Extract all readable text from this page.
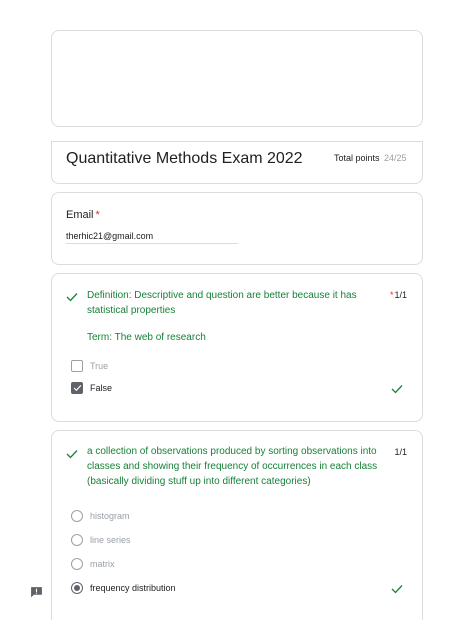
Quantitative Methods Exam 2022	Total points 24/25
Email *
therhic21@gmail.com
Definition: Descriptive and question are better because it has statistical properties
*1/1
Term: The web of research
True
False
a collection of observations produced by sorting observations into classes and showing their frequency of occurrences in each class (basically dividing stuff up into different categories)
1/1
histogram
line series
matrix
frequency distribution
